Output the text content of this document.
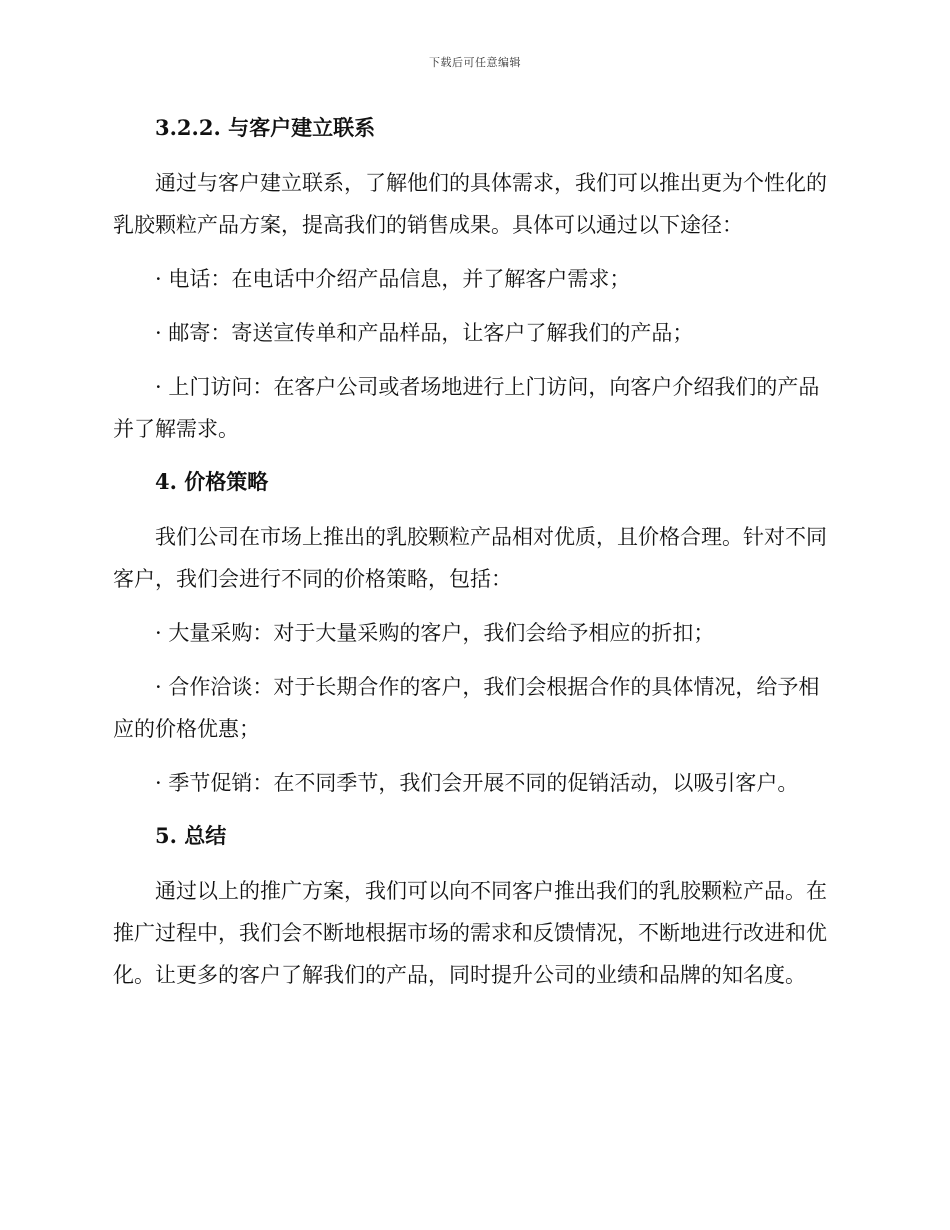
下载后可任意编辑
3.2.2. 与客户建立联系

通过与客户建立联系，了解他们的具体需求，我们可以推出更为个性化的乳胶颗粒产品方案，提高我们的销售成果。具体可以通过以下途径：

· 电话：在电话中介绍产品信息，并了解客户需求；

· 邮寄：寄送宣传单和产品样品，让客户了解我们的产品；

· 上门访问：在客户公司或者场地进行上门访问，向客户介绍我们的产品并了解需求。

4. 价格策略

我们公司在市场上推出的乳胶颗粒产品相对优质，且价格合理。针对不同客户，我们会进行不同的价格策略，包括：

· 大量采购：对于大量采购的客户，我们会给予相应的折扣；

· 合作洽谈：对于长期合作的客户，我们会根据合作的具体情况，给予相应的价格优惠；

· 季节促销：在不同季节，我们会开展不同的促销活动，以吸引客户。

5. 总结

通过以上的推广方案，我们可以向不同客户推出我们的乳胶颗粒产品。在推广过程中，我们会不断地根据市场的需求和反馈情况，不断地进行改进和优化。让更多的客户了解我们的产品，同时提升公司的业绩和品牌的知名度。
